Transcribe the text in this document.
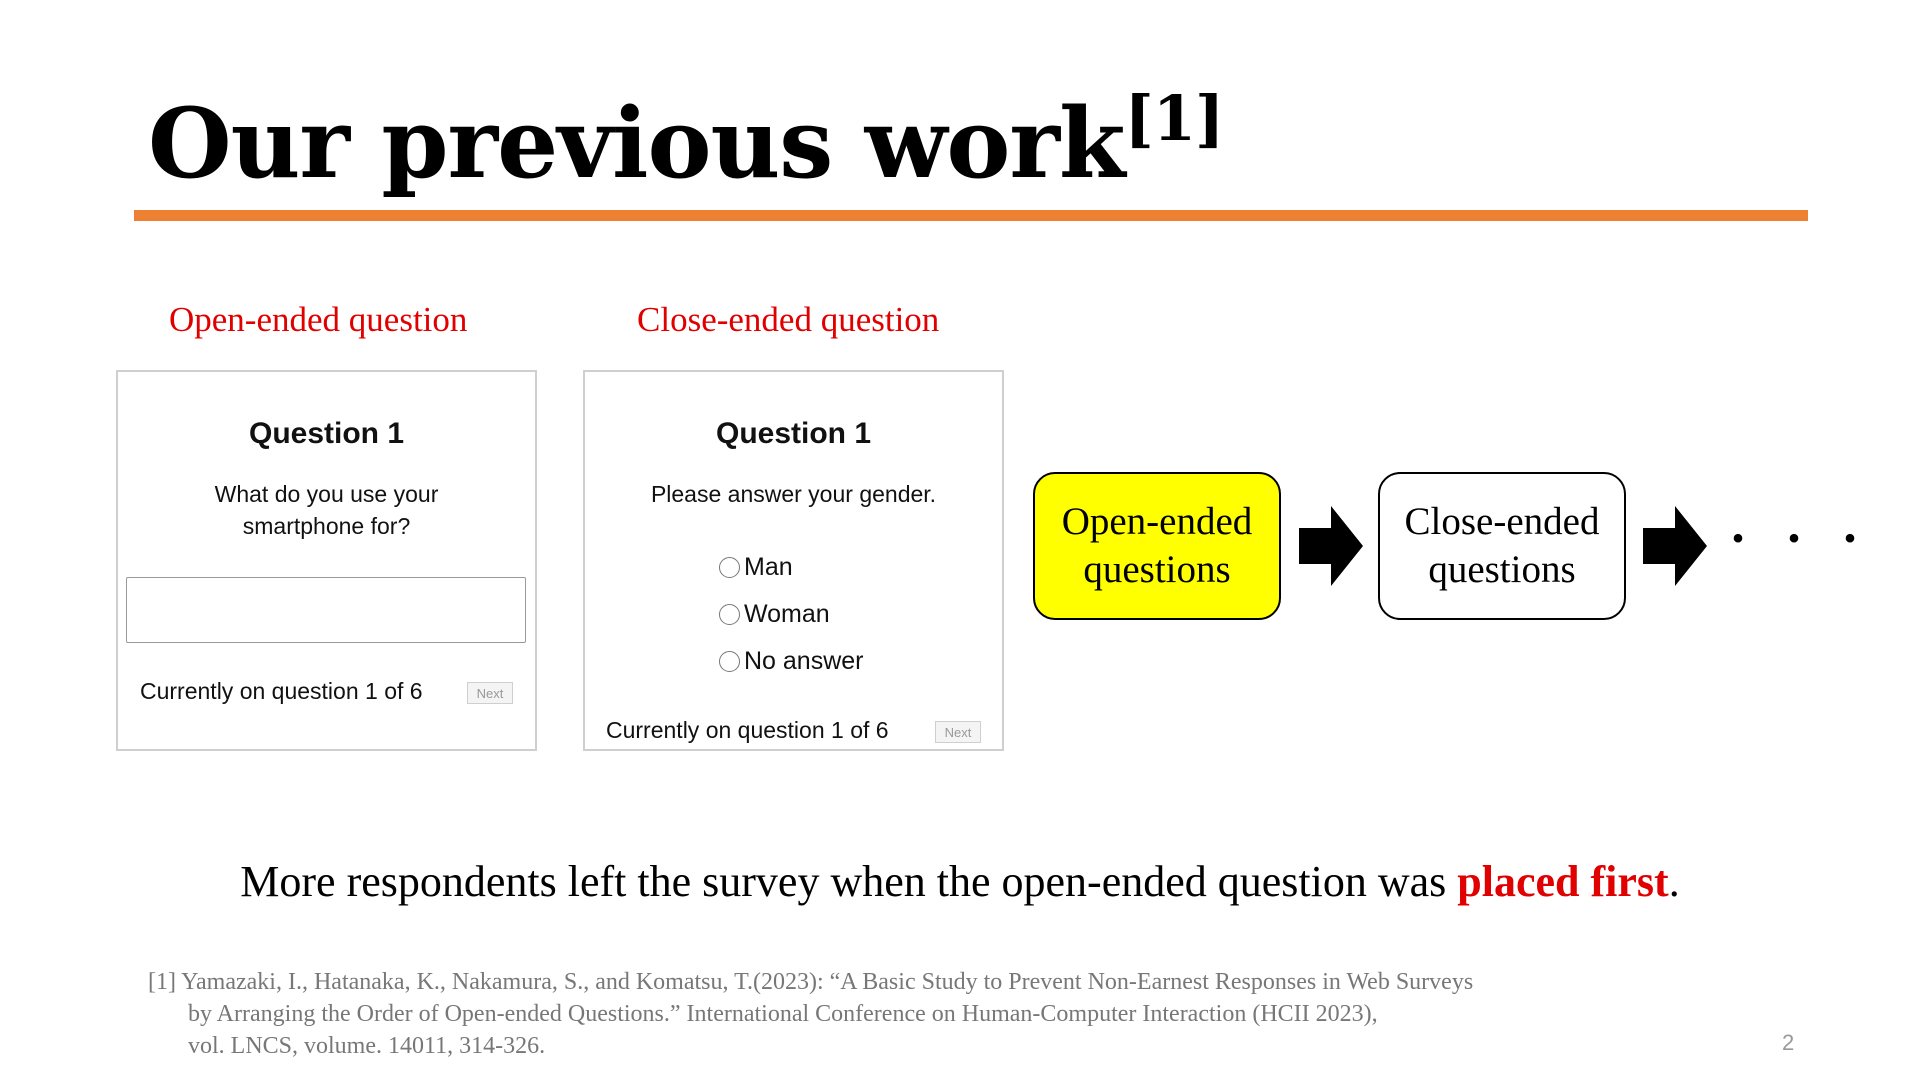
Our previous work[1]
Open-ended question	Close-ended question
Question 1
What do you use your
smartphone for?
Currently on question 1 of 6	Next
Question 1
Please answer your gender.
Man
Woman
No answer
Currently on question 1 of 6	Next
Open-ended
questions
Close-ended
questions
・・・
More respondents left the survey when the open-ended question was placed first.
[1] Yamazaki, I., Hatanaka, K., Nakamura, S., and Komatsu, T.(2023): “A Basic Study to Prevent Non-Earnest Responses in Web Surveys
by Arranging the Order of Open-ended Questions.” International Conference on Human-Computer Interaction (HCII 2023),
vol. LNCS, volume. 14011, 314-326.	2
